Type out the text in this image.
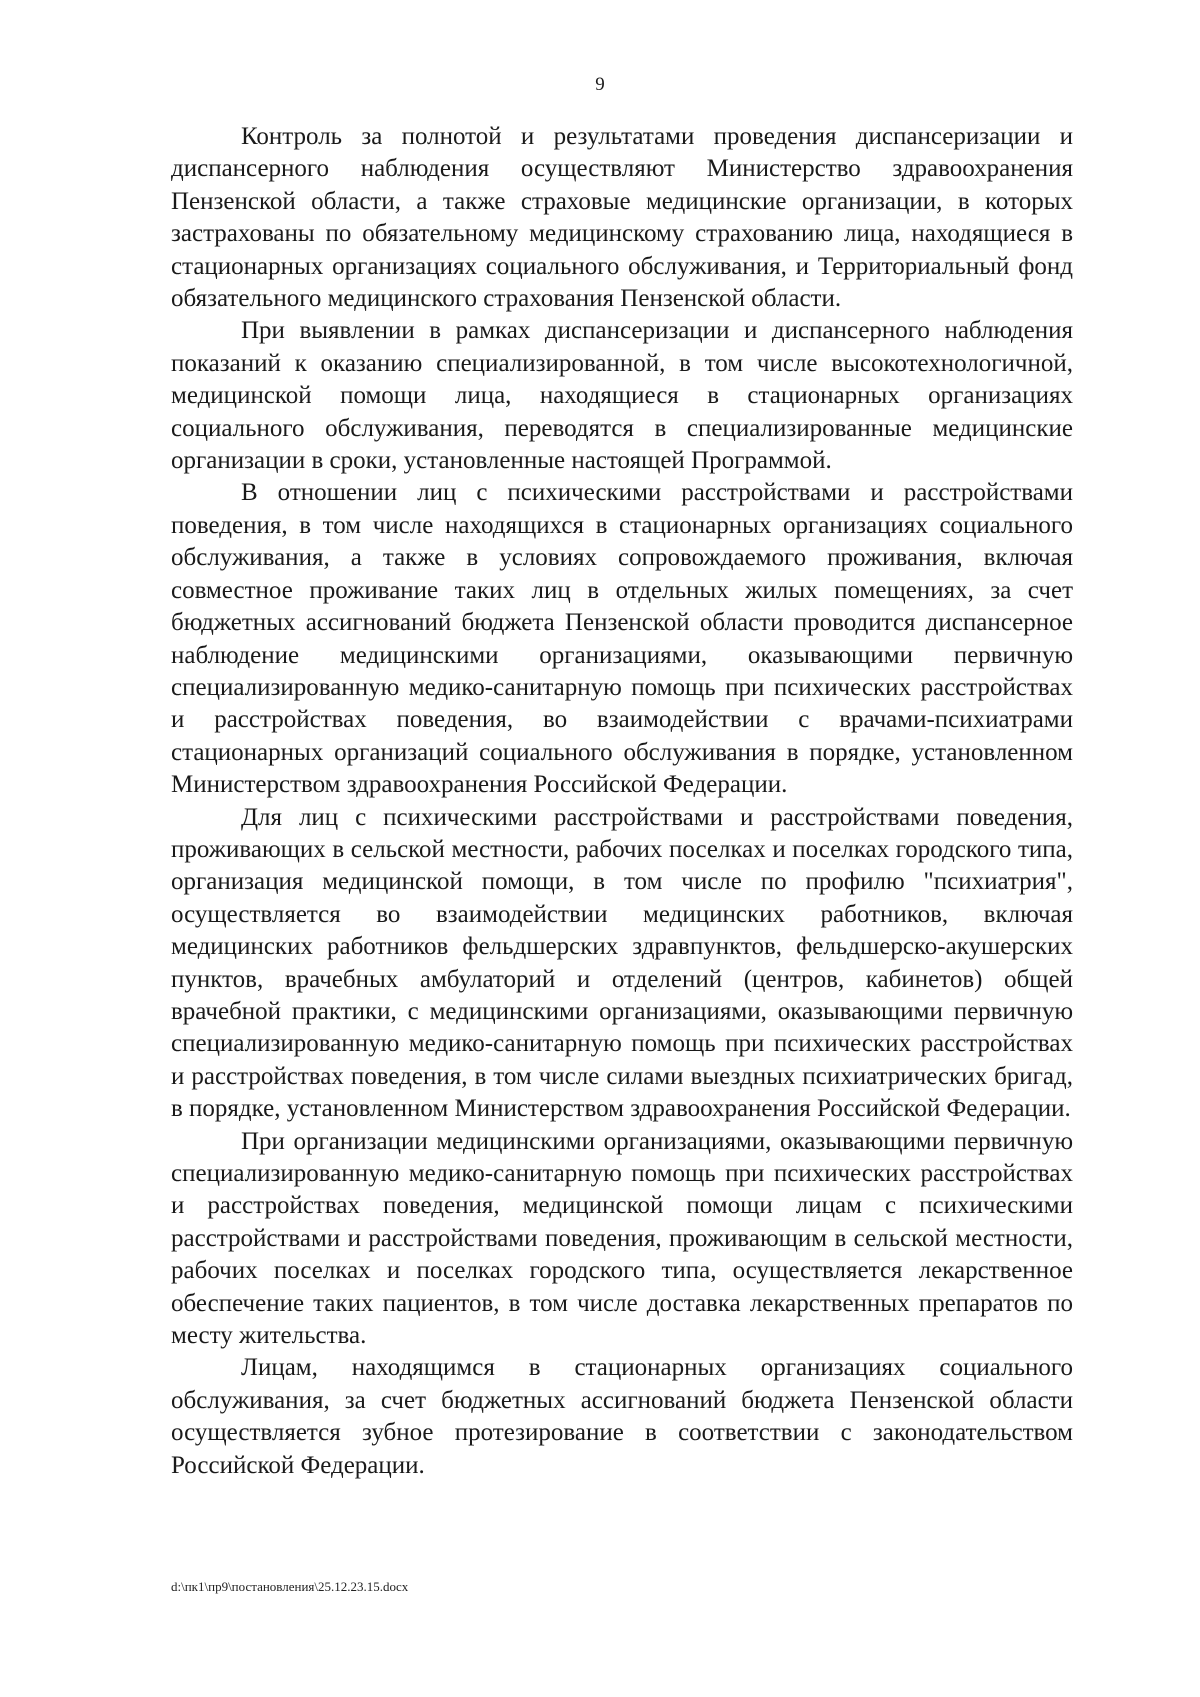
9

Контроль за полнотой и результатами проведения диспансеризации и диспансерного наблюдения осуществляют Министерство здравоохранения Пензенской области, а также страховые медицинские организации, в которых застрахованы по обязательному медицинскому страхованию лица, находящиеся в стационарных организациях социального обслуживания, и Территориальный фонд обязательного медицинского страхования Пензенской области.

При выявлении в рамках диспансеризации и диспансерного наблюдения показаний к оказанию специализированной, в том числе высокотехнологичной, медицинской помощи лица, находящиеся в стационарных организациях социального обслуживания, переводятся в специализированные медицинские организации в сроки, установленные настоящей Программой.

В отношении лиц с психическими расстройствами и расстройствами поведения, в том числе находящихся в стационарных организациях социального обслуживания, а также в условиях сопровождаемого проживания, включая совместное проживание таких лиц в отдельных жилых помещениях, за счет бюджетных ассигнований бюджета Пензенской области проводится диспансерное наблюдение медицинскими организациями, оказывающими первичную специализированную медико-санитарную помощь при психических расстройствах и расстройствах поведения, во взаимодействии с врачами-психиатрами стационарных организаций социального обслуживания в порядке, установленном Министерством здравоохранения Российской Федерации.

Для лиц с психическими расстройствами и расстройствами поведения, проживающих в сельской местности, рабочих поселках и поселках городского типа, организация медицинской помощи, в том числе по профилю "психиатрия", осуществляется во взаимодействии медицинских работников, включая медицинских работников фельдшерских здравпунктов, фельдшерско-акушерских пунктов, врачебных амбулаторий и отделений (центров, кабинетов) общей врачебной практики, с медицинскими организациями, оказывающими первичную специализированную медико-санитарную помощь при психических расстройствах и расстройствах поведения, в том числе силами выездных психиатрических бригад, в порядке, установленном Министерством здравоохранения Российской Федерации.

При организации медицинскими организациями, оказывающими первичную специализированную медико-санитарную помощь при психических расстройствах и расстройствах поведения, медицинской помощи лицам с психическими расстройствами и расстройствами поведения, проживающим в сельской местности, рабочих поселках и поселках городского типа, осуществляется лекарственное обеспечение таких пациентов, в том числе доставка лекарственных препаратов по месту жительства.

Лицам, находящимся в стационарных организациях социального обслуживания, за счет бюджетных ассигнований бюджета Пензенской области осуществляется зубное протезирование в соответствии с законодательством Российской Федерации.

d:\пк1\пр9\постановления\25.12.23.15.docx
